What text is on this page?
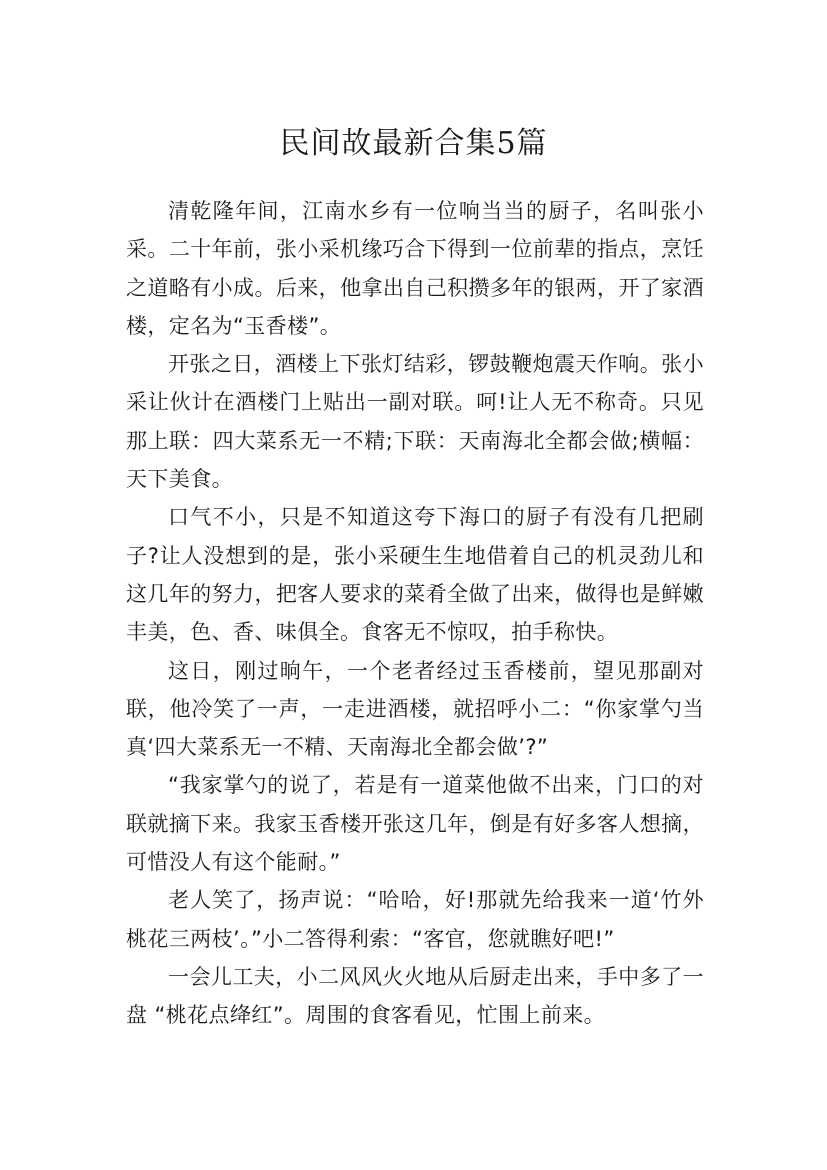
民间故最新合集5篇

清乾隆年间，江南水乡有一位响当当的厨子，名叫张小采。二十年前，张小采机缘巧合下得到一位前辈的指点，烹饪之道略有小成。后来，他拿出自己积攒多年的银两，开了家酒楼，定名为“玉香楼”。

开张之日，酒楼上下张灯结彩，锣鼓鞭炮震天作响。张小采让伙计在酒楼门上贴出一副对联。呵!让人无不称奇。只见那上联：四大菜系无一不精;下联：天南海北全都会做;横幅：天下美食。

口气不小，只是不知道这夸下海口的厨子有没有几把刷子?让人没想到的是，张小采硬生生地借着自己的机灵劲儿和这几年的努力，把客人要求的菜肴全做了出来，做得也是鲜嫩丰美，色、香、味俱全。食客无不惊叹，拍手称快。

这日，刚过晌午，一个老者经过玉香楼前，望见那副对联，他冷笑了一声，一走进酒楼，就招呼小二：“你家掌勺当真‘四大菜系无一不精、天南海北全都会做’?”

“我家掌勺的说了，若是有一道菜他做不出来，门口的对联就摘下来。我家玉香楼开张这几年，倒是有好多客人想摘，可惜没人有这个能耐。”

老人笑了，扬声说：“哈哈，好!那就先给我来一道‘竹外桃花三两枝’。”小二答得利索：“客官，您就瞧好吧!”

一会儿工夫，小二风风火火地从后厨走出来，手中多了一盘 “桃花点绛红”。周围的食客看见，忙围上前来。
